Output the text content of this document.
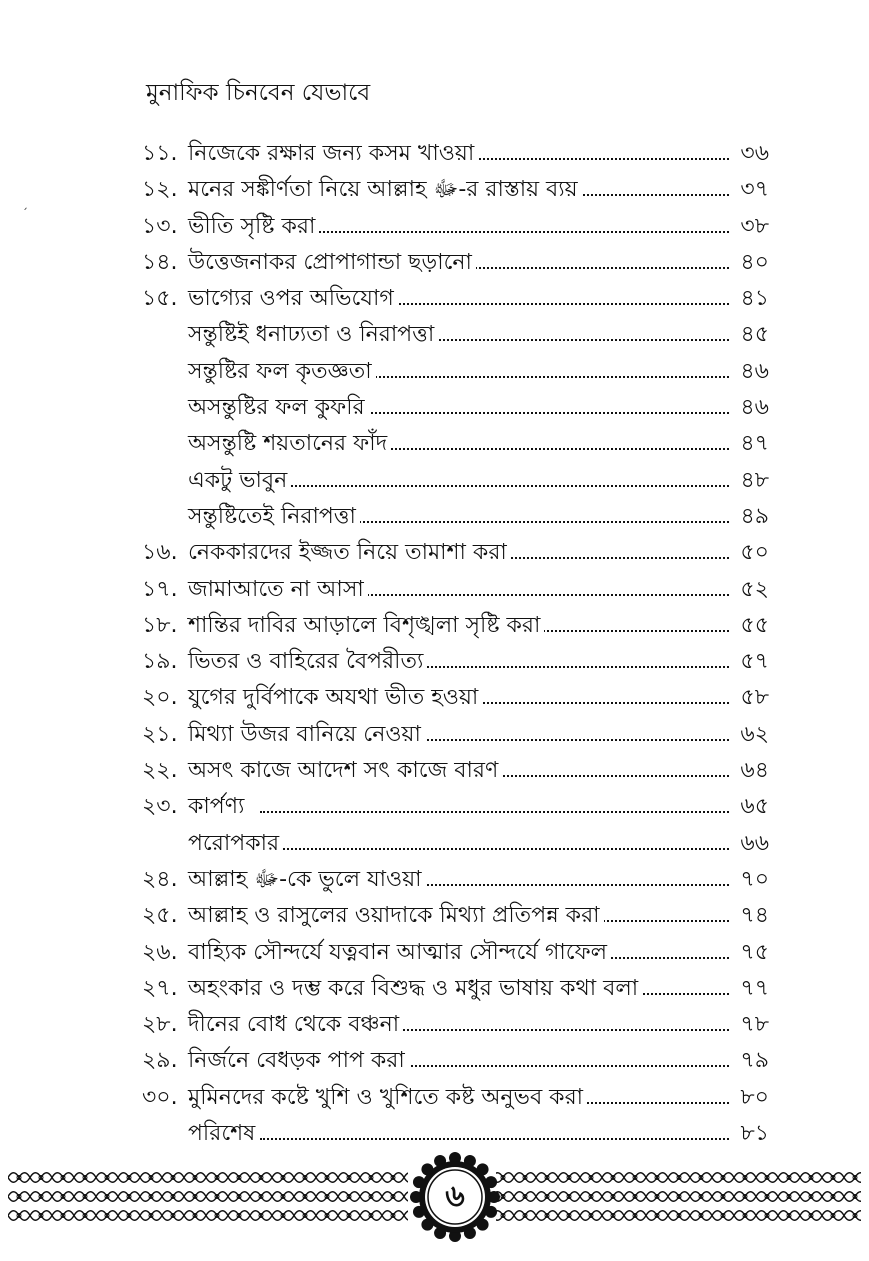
মুনাফিক চিনবেন যেভাবে
ˏ
১১. নিজেকে রক্ষার জন্য কসম খাওয়া	৩৬
১২. মনের সঙ্কীর্ণতা নিয়ে আল্লাহ ﷻ-র রাস্তায় ব্যয়	৩৭
১৩. ভীতি সৃষ্টি করা	৩৮
১৪. উত্তেজনাকর প্রোপাগান্ডা ছড়ানো	৪০
১৫. ভাগ্যের ওপর অভিযোগ	৪১
সন্তুষ্টিই ধনাঢ্যতা ও নিরাপত্তা	৪৫
সন্তুষ্টির ফল কৃতজ্ঞতা	৪৬
অসন্তুষ্টির ফল কুফরি	৪৬
অসন্তুষ্টি শয়তানের ফাঁদ	৪৭
একটু ভাবুন	৪৮
সন্তুষ্টিতেই নিরাপত্তা	৪৯
১৬. নেককারদের ইজ্জত নিয়ে তামাশা করা	৫০
১৭. জামাআতে না আসা	৫২
১৮. শান্তির দাবির আড়ালে বিশৃঙ্খলা সৃষ্টি করা	৫৫
১৯. ভিতর ও বাহিরের বৈপরীত্য	৫৭
২০. যুগের দুর্বিপাকে অযথা ভীত হওয়া	৫৮
২১. মিথ্যা উজর বানিয়ে নেওয়া	৬২
২২. অসৎ কাজে আদেশ সৎ কাজে বারণ	৬৪
২৩. কার্পণ্য	৬৫
পরোপকার	৬৬
২৪. আল্লাহ ﷻ-কে ভুলে যাওয়া	৭০
২৫. আল্লাহ ও রাসুলের ওয়াদাকে মিথ্যা প্রতিপন্ন করা	৭৪
২৬. বাহ্যিক সৌন্দর্যে যত্নবান আত্মার সৌন্দর্যে গাফেল	৭৫
২৭. অহংকার ও দম্ভ করে বিশুদ্ধ ও মধুর ভাষায় কথা বলা	৭৭
২৮. দীনের বোধ থেকে বঞ্চনা	৭৮
২৯. নির্জনে বেধড়ক পাপ করা	৭৯
৩০. মুমিনদের কষ্টে খুশি ও খুশিতে কষ্ট অনুভব করা	৮০
পরিশেষ	৮১
৬
